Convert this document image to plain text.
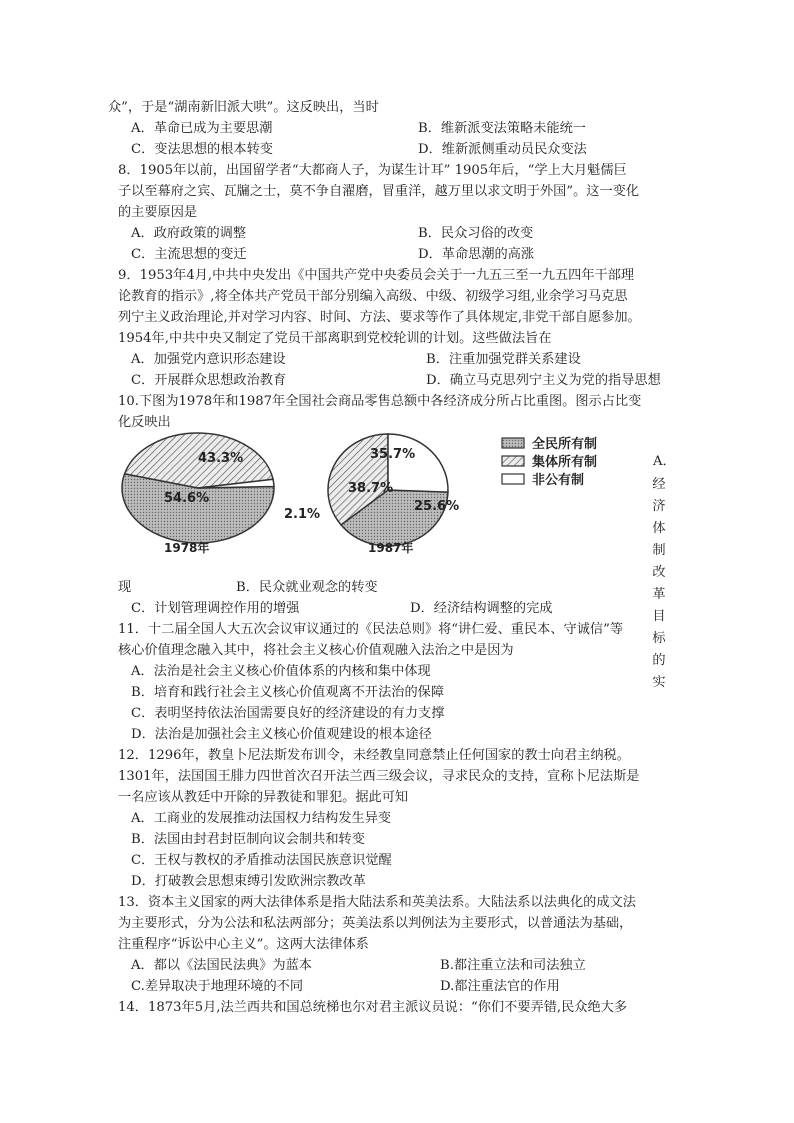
众”，于是“湖南新旧派大哄”。这反映出，当时
A．革命已成为主要思潮	B．维新派变法策略未能统一
C．变法思想的根本转变	D．维新派侧重动员民众变法
8．1905年以前，出国留学者“大都商人子，为谋生计耳” 1905年后，“学上大月魁儒巨
子以至幕府之宾、瓦牖之士，莫不争自濯磨，冒重洋，越万里以求文明于外国”。这一变化
的主要原因是
A．政府政策的调整	B．民众习俗的改变
C．主流思想的变迁	D．革命思潮的高涨
9．1953年4月,中共中央发出《中国共产党中央委员会关于一九五三至一九五四年干部理
论教育的指示》,将全体共产党员干部分别编入高级、中级、初级学习组,业余学习马克思
列宁主义政治理论,并对学习内容、时间、方法、要求等作了具体规定,非党干部自愿参加。
1954年,中共中央又制定了党员干部离职到党校轮训的计划。这些做法旨在
A．加强党内意识形态建设	B．注重加强党群关系建设
C．开展群众思想政治教育	D．确立马克思列宁主义为党的指导思想
10.下图为1978年和1987年全国社会商品零售总额中各经济成分所占比重图。图示占比变
化反映出
54.6%
43.3%
2.1%
1978年
38.7%
35.7%
25.6%
1987年
全民所有制
集体所有制
非公有制
A．
经
济
体
制
改
革
目
标
的
实
现	B．民众就业观念的转变
C．计划管理调控作用的增强	D．经济结构调整的完成
11．十二届全国人大五次会议审议通过的《民法总则》将“讲仁爱、重民本、守诚信”等
核心价值理念融入其中，将社会主义核心价值观融入法治之中是因为
A．法治是社会主义核心价值体系的内核和集中体现
B．培育和践行社会主义核心价值观离不开法治的保障
C．表明坚持依法治国需要良好的经济建设的有力支撑
D．法治是加强社会主义核心价值观建设的根本途径
12．1296年，教皇卜尼法斯发布训令，未经教皇同意禁止任何国家的教士向君主纳税。
1301年，法国国王腓力四世首次召开法兰西三级会议，寻求民众的支持，宣称卜尼法斯是
一名应该从教廷中开除的异教徒和罪犯。据此可知
A．工商业的发展推动法国权力结构发生异变
B．法国由封君封臣制向议会制共和转变
C．王权与教权的矛盾推动法国民族意识觉醒
D．打破教会思想束缚引发欧洲宗教改革
13．资本主义国家的两大法律体系是指大陆法系和英美法系。大陆法系以法典化的成文法
为主要形式，分为公法和私法两部分；英美法系以判例法为主要形式，以普通法为基础，
注重程序“诉讼中心主义”。这两大法律体系
A．都以《法国民法典》为蓝本	B.都注重立法和司法独立
C.差异取决于地理环境的不同	D.都注重法官的作用
14．1873年5月,法兰西共和国总统梯也尔对君主派议员说：“你们不要弄错,民众绝大多
